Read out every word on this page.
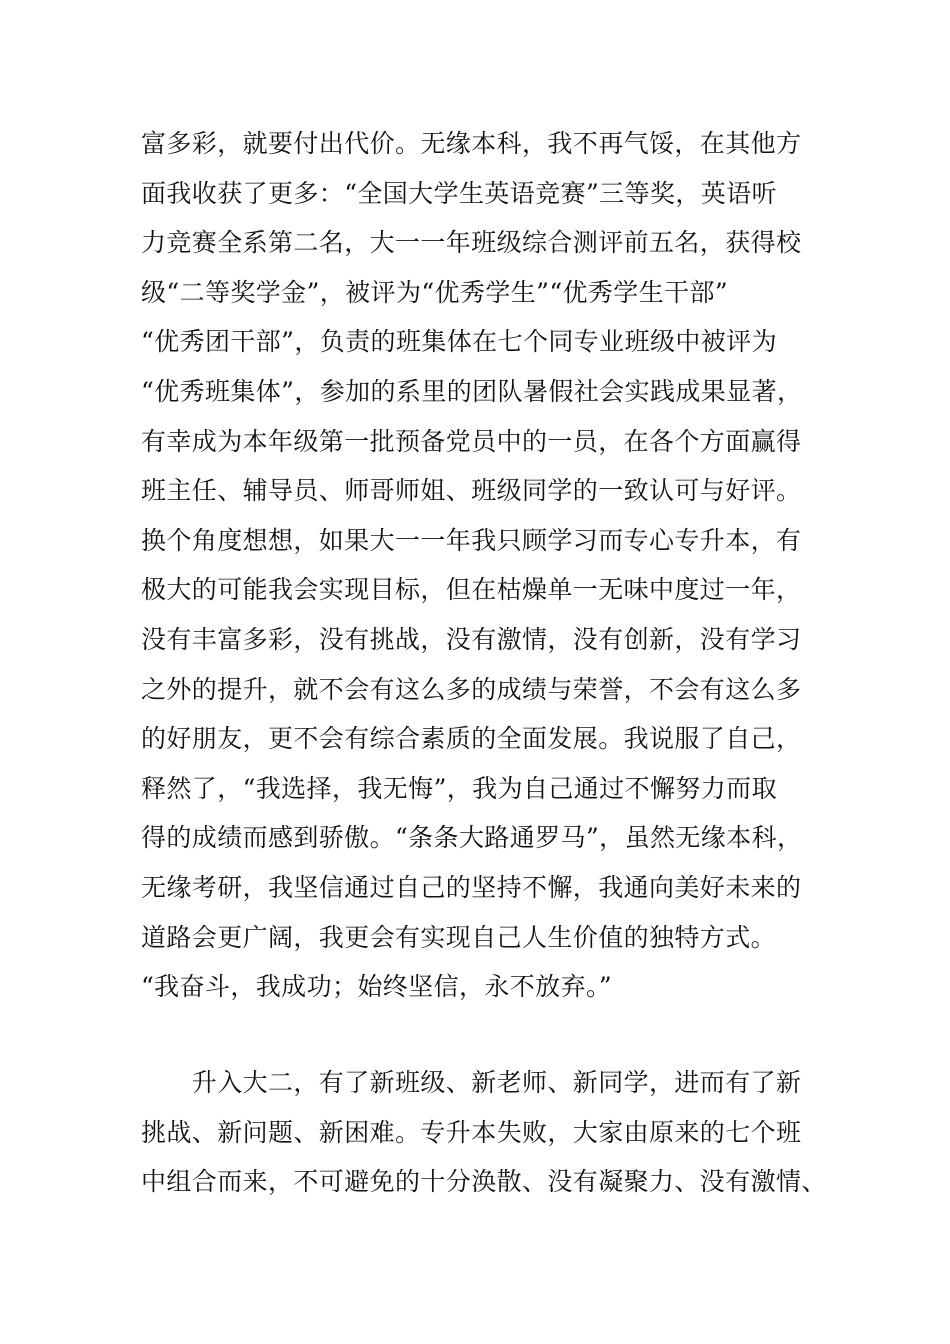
富多彩，就要付出代价。无缘本科，我不再气馁，在其他方
面我收获了更多：“全国大学生英语竞赛”三等奖，英语听
力竞赛全系第二名，大一一年班级综合测评前五名，获得校
级“二等奖学金”，被评为“优秀学生”“优秀学生干部”
“优秀团干部”，负责的班集体在七个同专业班级中被评为
“优秀班集体”，参加的系里的团队暑假社会实践成果显著，
有幸成为本年级第一批预备党员中的一员，在各个方面赢得
班主任、辅导员、师哥师姐、班级同学的一致认可与好评。
换个角度想想，如果大一一年我只顾学习而专心专升本，有
极大的可能我会实现目标，但在枯燥单一无味中度过一年，
没有丰富多彩，没有挑战，没有激情，没有创新，没有学习
之外的提升，就不会有这么多的成绩与荣誉，不会有这么多
的好朋友，更不会有综合素质的全面发展。我说服了自己，
释然了，“我选择，我无悔”，我为自己通过不懈努力而取
得的成绩而感到骄傲。“条条大路通罗马”，虽然无缘本科，
无缘考研，我坚信通过自己的坚持不懈，我通向美好未来的
道路会更广阔，我更会有实现自己人生价值的独特方式。
“我奋斗，我成功；始终坚信，永不放弃。”
　　升入大二，有了新班级、新老师、新同学，进而有了新
挑战、新问题、新困难。专升本失败，大家由原来的七个班
中组合而来，不可避免的十分涣散、没有凝聚力、没有激情、
